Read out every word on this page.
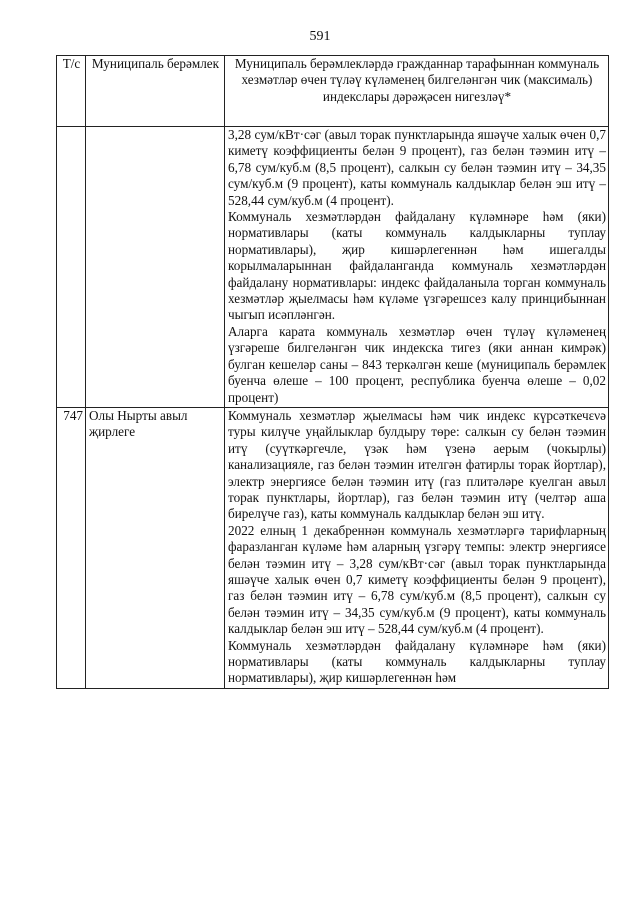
591
Т/с	Муниципаль берәмлек	Муниципаль берәмлекләрдә гражданнар тарафыннан коммуналь хезмәтләр өчен түләү күләменең билгеләнгән чик (максималь) индекслары дәрәҗәсен нигезләү*

		3,28 сум/кВт·сәг (авыл торак пунктларында яшәүче халык өчен 0,7 киметү коэффициенты белән 9 процент), газ белән тәэмин итү – 6,78 сум/куб.м (8,5 процент), салкын су белән тәэмин итү – 34,35 сум/куб.м (9 процент), каты коммуналь калдыклар белән эш итү – 528,44 сум/куб.м (4 процент).

Коммуналь хезмәтләрдән файдалану күләмнәре һәм (яки) нормативлары (каты коммуналь калдыкларны туплау нормативлары), җир кишәрлегеннән һәм ишегалды корылмаларыннан файдаланганда коммуналь хезмәтләрдән файдалану нормативлары: индекс файдаланыла торган коммуналь хезмәтләр җыелмасы һәм күләме үзгәрешсез калу принцибыннан чыгып исәпләнгән.

Аларга карата коммуналь хезмәтләр өчен түләү күләменең үзгәреше билгеләнгән чик индекска тигез (яки аннан кимрәк) булган кешеләр саны – 843 теркәлгән кеше (муниципаль берәмлек буенча өлеше – 100 процент, республика буенча өлеше – 0,02 процент)

747	Олы Нырты авыл җирлеге	Коммуналь хезмәтләр җыелмасы һәм чик индекс күрсәткечενә туры килүче уңайлыклар булдыру төре: салкын су белән тәэмин итү (суүткәргечле, үзәк һәм үзенә аерым (чокырлы) канализацияле, газ белән тәэмин ителгән фатирлы торак йортлар), электр энергиясе белән тәэмин итү (газ плитәләре куелган авыл торак пунктлары, йортлар), газ белән тәэмин итү (челтәр аша бирелүче газ), каты коммуналь калдыклар белән эш итү.

2022 елның 1 декабреннән коммуналь хезмәтләргә тарифларның фаразланган күләме һәм аларның үзгәрү темпы: электр энергиясе белән тәэмин итү – 3,28 сум/кВт·сәг (авыл торак пунктларында яшәүче халык өчен 0,7 киметү коэффициенты белән 9 процент), газ белән тәэмин итү – 6,78 сум/куб.м (8,5 процент), салкын су белән тәэмин итү – 34,35 сум/куб.м (9 процент), каты коммуналь калдыклар белән эш итү – 528,44 сум/куб.м (4 процент).

Коммуналь хезмәтләрдән файдалану күләмнәре һәм (яки) нормативлары (каты коммуналь калдыкларны туплау нормативлары), җир кишәрлегеннән һәм
